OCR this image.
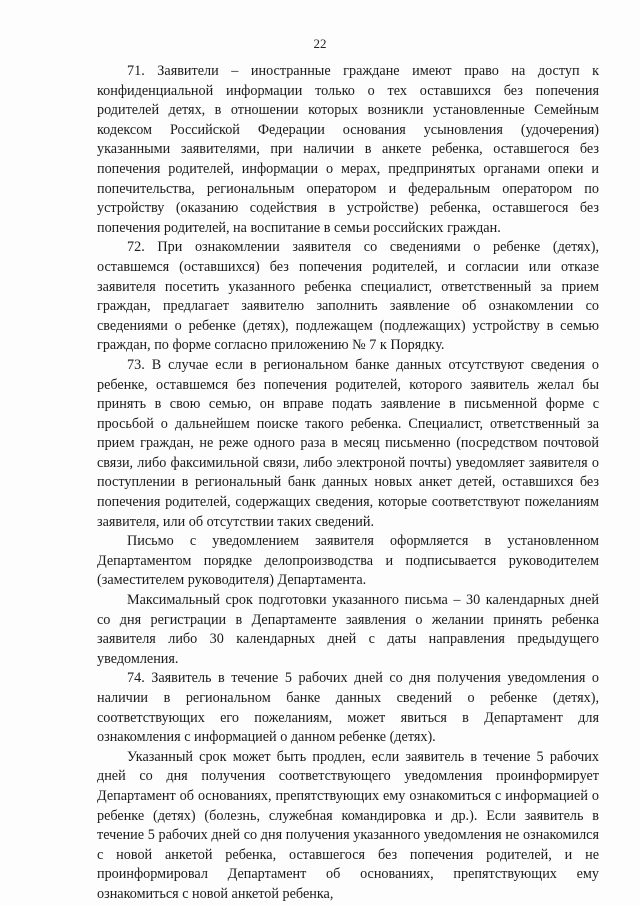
22

71. Заявители – иностранные граждане имеют право на доступ к конфиденциальной информации только о тех оставшихся без попечения родителей детях, в отношении которых возникли установленные Семейным кодексом Российской Федерации основания усыновления (удочерения) указанными заявителями, при наличии в анкете ребенка, оставшегося без попечения родителей, информации о мерах, предпринятых органами опеки и попечительства, региональным оператором и федеральным оператором по устройству (оказанию содействия в устройстве) ребенка, оставшегося без попечения родителей, на воспитание в семьи российских граждан.

72. При ознакомлении заявителя со сведениями о ребенке (детях), оставшемся (оставшихся) без попечения родителей, и согласии или отказе заявителя посетить указанного ребенка специалист, ответственный за прием граждан, предлагает заявителю заполнить заявление об ознакомлении со сведениями о ребенке (детях), подлежащем (подлежащих) устройству в семью граждан, по форме согласно приложению № 7 к Порядку.

73. В случае если в региональном банке данных отсутствуют сведения о ребенке, оставшемся без попечения родителей, которого заявитель желал бы принять в свою семью, он вправе подать заявление в письменной форме с просьбой о дальнейшем поиске такого ребенка. Специалист, ответственный за прием граждан, не реже одного раза в месяц письменно (посредством почтовой связи, либо факсимильной связи, либо электроной почты) уведомляет заявителя о поступлении в региональный банк данных новых анкет детей, оставшихся без попечения родителей, содержащих сведения, которые соответствуют пожеланиям заявителя, или об отсутствии таких сведений.

Письмо с уведомлением заявителя оформляется в установленном Департаментом порядке делопроизводства и подписывается руководителем (заместителем руководителя) Департамента.

Максимальный срок подготовки указанного письма – 30 календарных дней со дня регистрации в Департаменте заявления о желании принять ребенка заявителя либо 30 календарных дней с даты направления предыдущего уведомления.

74. Заявитель в течение 5 рабочих дней со дня получения уведомления о наличии в региональном банке данных сведений о ребенке (детях), соответствующих его пожеланиям, может явиться в Департамент для ознакомления с информацией о данном ребенке (детях).

Указанный срок может быть продлен, если заявитель в течение 5 рабочих дней со дня получения соответствующего уведомления проинформирует Департамент об основаниях, препятствующих ему ознакомиться с информацией о ребенке (детях) (болезнь, служебная командировка и др.). Если заявитель в течение 5 рабочих дней со дня получения указанного уведомления не ознакомился с новой анкетой ребенка, оставшегося без попечения родителей, и не проинформировал Департамент об основаниях, препятствующих ему ознакомиться с новой анкетой ребенка,
